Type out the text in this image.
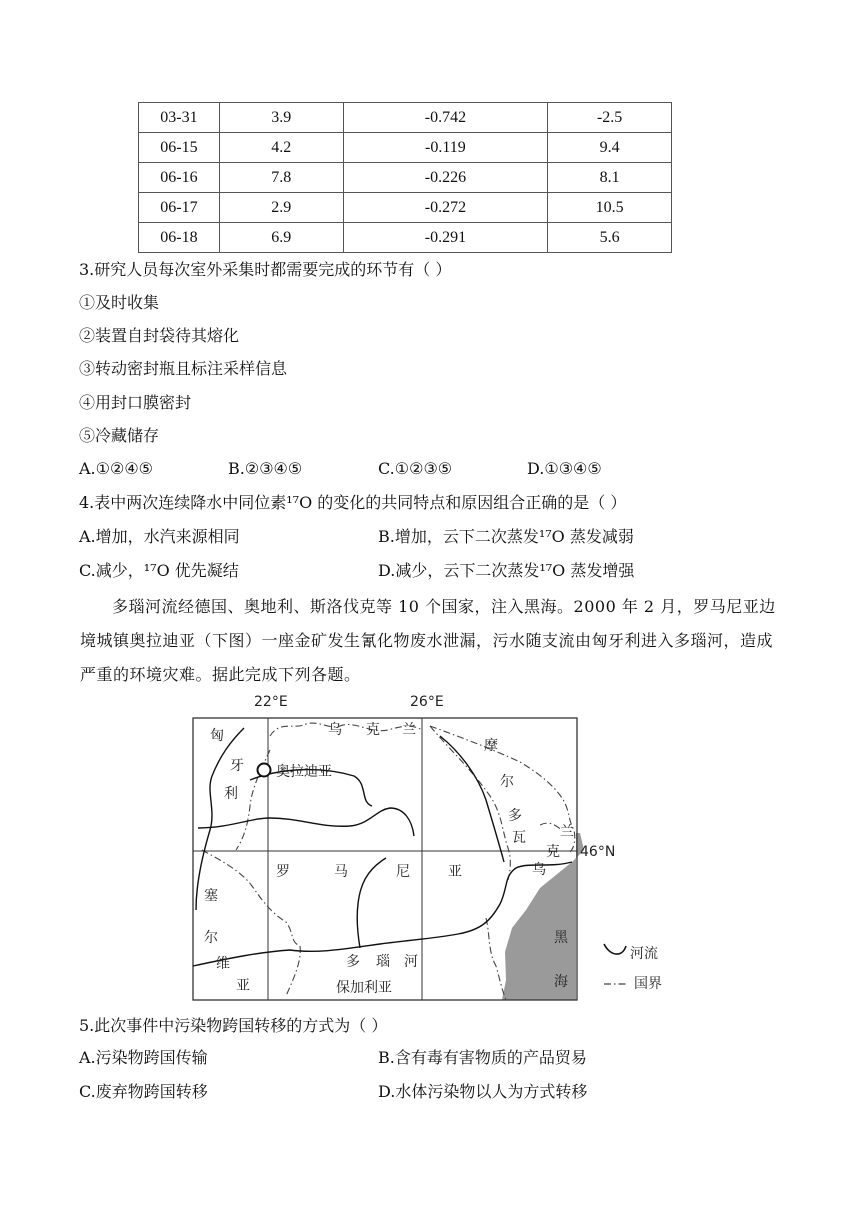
03-31	3.9	-0.742	-2.5
06-15	4.2	-0.119	9.4
06-16	7.8	-0.226	8.1
06-17	2.9	-0.272	10.5
06-18	6.9	-0.291	5.6
3.研究人员每次室外采集时都需要完成的环节有（ ）
①及时收集
②装置自封袋待其熔化
③转动密封瓶且标注采样信息
④用封口膜密封
⑤冷藏储存
A.①②④⑤	B.②③④⑤	C.①②③⑤	D.①③④⑤
4.表中两次连续降水中同位素¹⁷O 的变化的共同特点和原因组合正确的是（ ）
A.增加，水汽来源相同	B.增加，云下二次蒸发¹⁷O 蒸发减弱
C.减少，¹⁷O 优先凝结	D.减少，云下二次蒸发¹⁷O 蒸发增强
多瑙河流经德国、奥地利、斯洛伐克等 10 个国家，注入黑海。2000 年 2 月，罗马尼亚边境城镇奥拉迪亚（下图）一座金矿发生氰化物废水泄漏，污水随支流由匈牙利进入多瑙河，造成严重的环境灾难。据此完成下列各题。
22°E	26°E
46°N
匈
牙
利
奥拉迪亚
乌 克 兰
摩
尔
多
瓦 兰
克
乌
罗	马	尼	亚
塞
尔
维
亚
多 瑙 河
保加利亚
黑
海
河流
国界
5.此次事件中污染物跨国转移的方式为（ ）
A.污染物跨国传输	B.含有毒有害物质的产品贸易
C.废弃物跨国转移	D.水体污染物以人为方式转移
